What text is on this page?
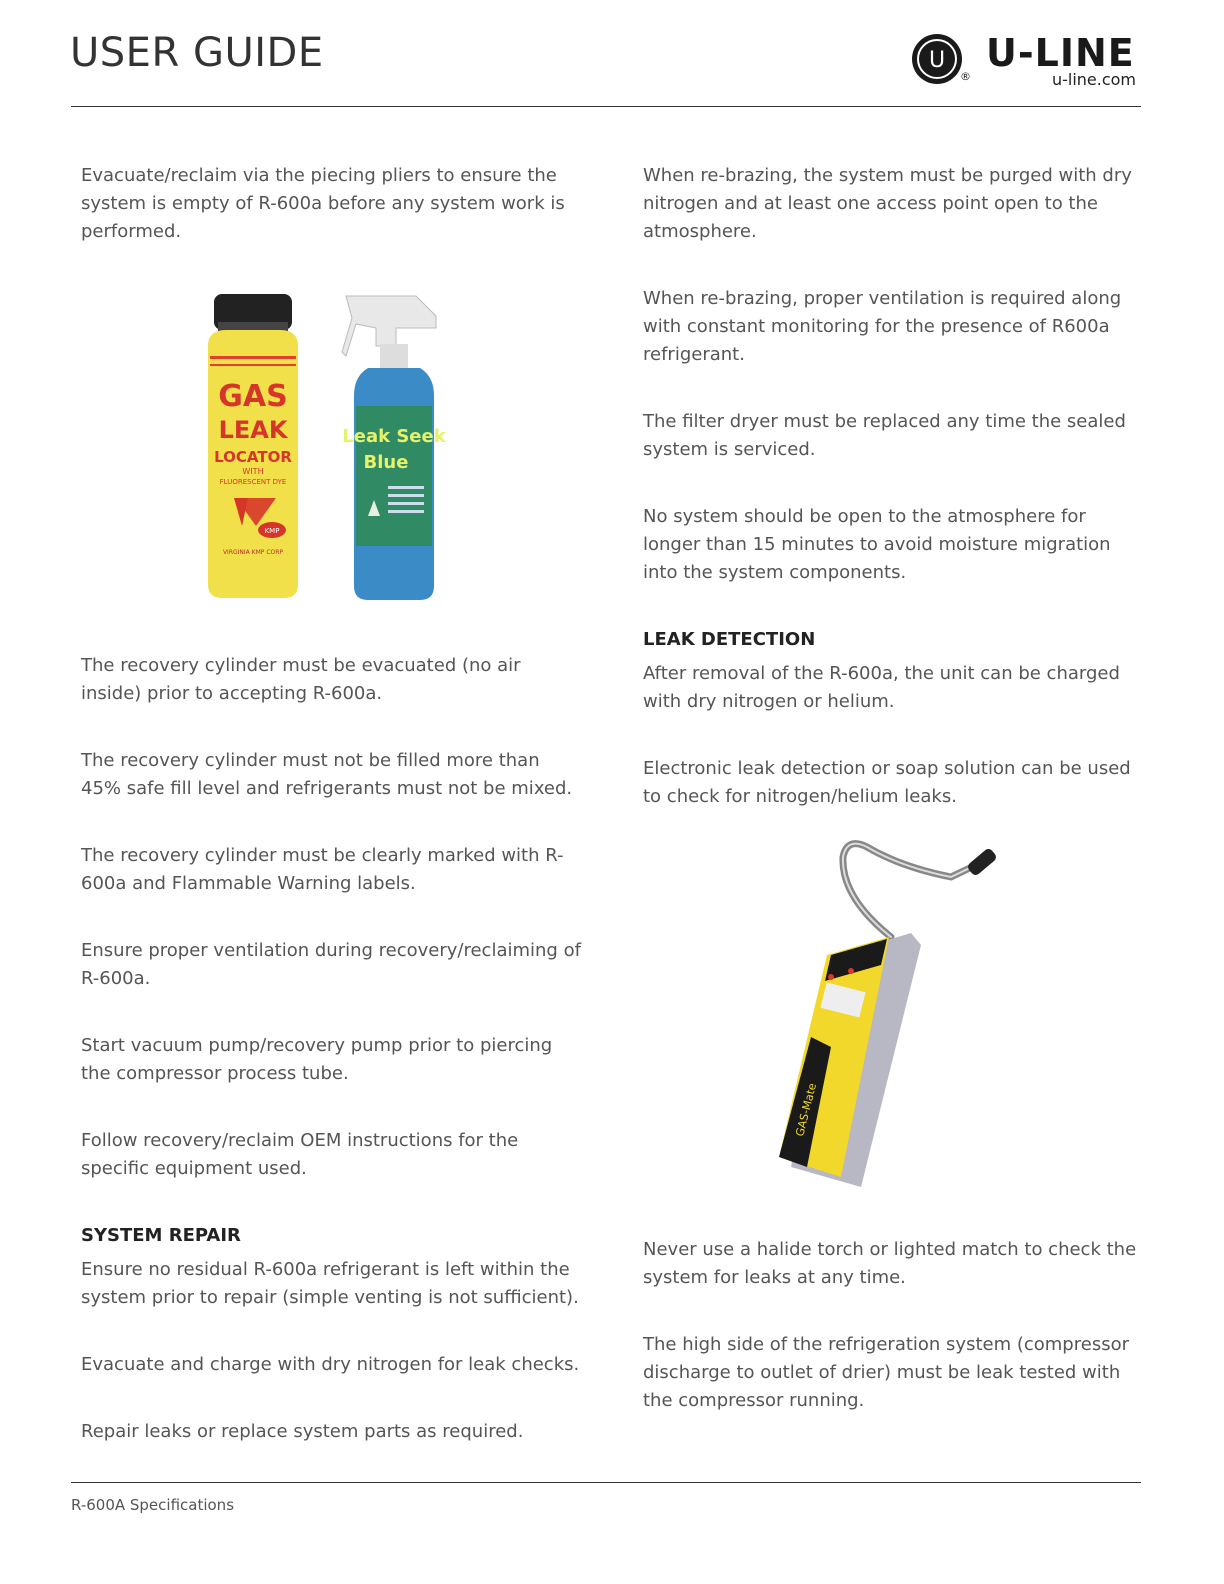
USER GUIDE	U
®
U-LINE
u-line.com

Evacuate/reclaim via the piecing pliers to ensure the system is empty of R-600a before any system work is performed.

GAS
LEAK
LOCATOR
WITH
FLUORESCENT DYE
KMP
VIRGINIA KMP CORP
Leak Seek
Blue

The recovery cylinder must be evacuated (no air inside) prior to accepting R-600a.

The recovery cylinder must not be filled more than 45% safe fill level and refrigerants must not be mixed.

The recovery cylinder must be clearly marked with R-600a and Flammable Warning labels.

Ensure proper ventilation during recovery/reclaiming of R-600a.

Start vacuum pump/recovery pump prior to piercing the compressor process tube.

Follow recovery/reclaim OEM instructions for the specific equipment used.

SYSTEM REPAIR

Ensure no residual R-600a refrigerant is left within the system prior to repair (simple venting is not sufficient).

Evacuate and charge with dry nitrogen for leak checks.

Repair leaks or replace system parts as required.

When re-brazing, the system must be purged with dry nitrogen and at least one access point open to the atmosphere.

When re-brazing, proper ventilation is required along with constant monitoring for the presence of R600a refrigerant.

The filter dryer must be replaced any time the sealed system is serviced.

No system should be open to the atmosphere for longer than 15 minutes to avoid moisture migration into the system components.

LEAK DETECTION

After removal of the R-600a, the unit can be charged with dry nitrogen or helium.

Electronic leak detection or soap solution can be used to check for nitrogen/helium leaks.

GAS-Mate

Never use a halide torch or lighted match to check the system for leaks at any time.

The high side of the refrigeration system (compressor discharge to outlet of drier) must be leak tested with the compressor running.

R-600A Specifications
